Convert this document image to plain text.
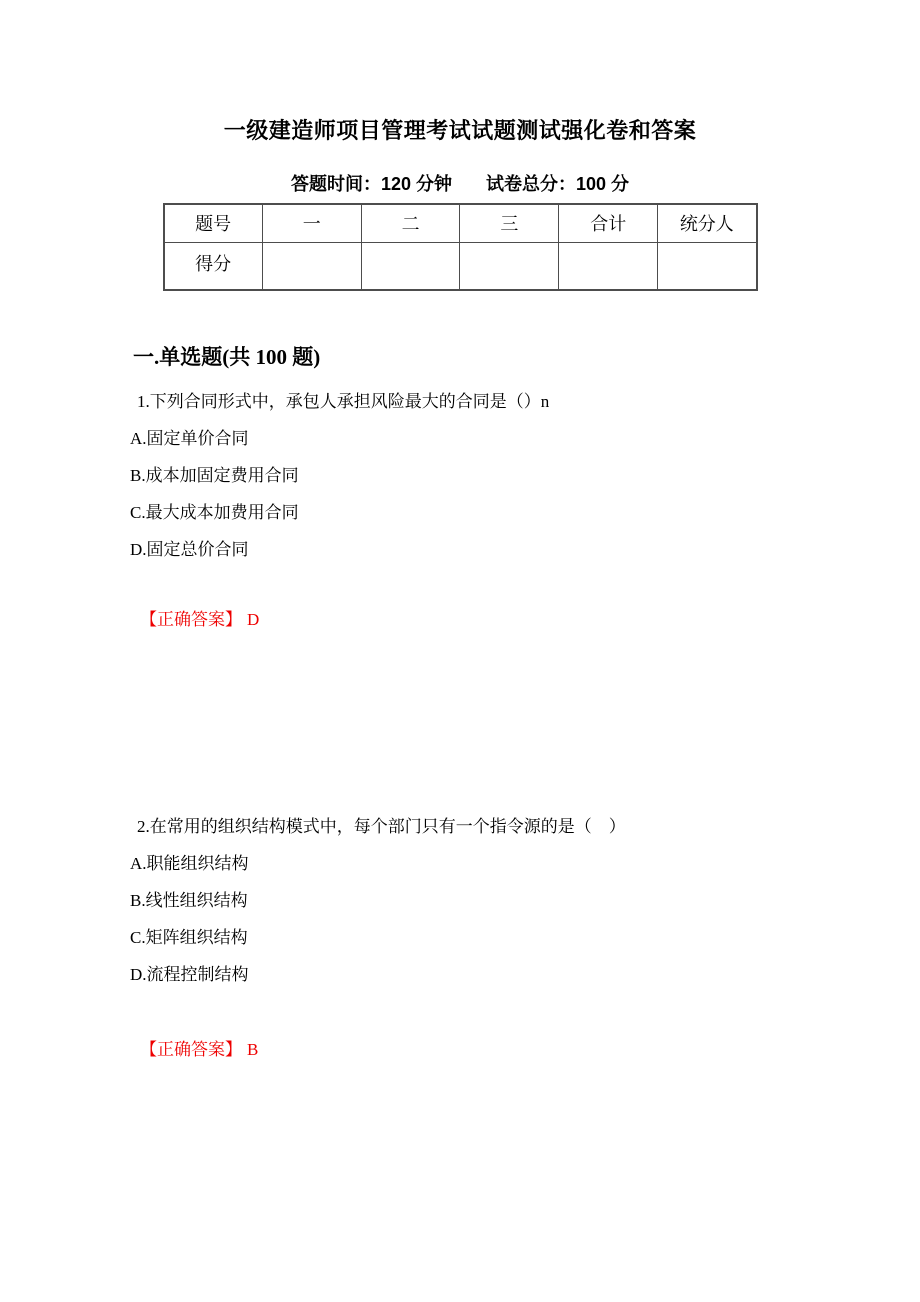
一级建造师项目管理考试试题测试强化卷和答案
答题时间：120 分钟 试卷总分：100 分
题号	一	二	三	合计	统分人
得分					
一.单选题(共 100 题)

1.下列合同形式中，承包人承担风险最大的合同是（）n

A.固定单价合同

B.成本加固定费用合同

C.最大成本加费用合同

D.固定总价合同

【正确答案】 D

2.在常用的组织结构模式中，每个部门只有一个指令源的是（　）

A.职能组织结构

B.线性组织结构

C.矩阵组织结构

D.流程控制结构

【正确答案】 B
